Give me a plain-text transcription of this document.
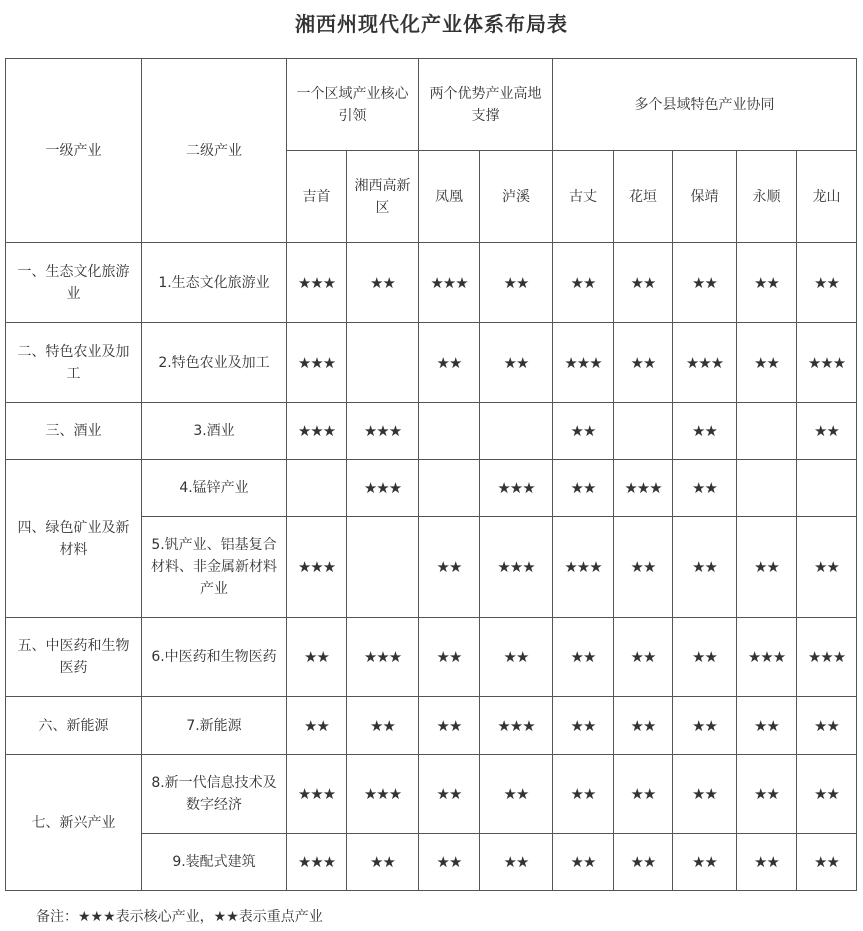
湘西州现代化产业体系布局表
一级产业	二级产业	一个区域产业核心引领		两个优势产业高地支撑		多个县域特色产业协同				
		吉首	湘西高新区	凤凰	泸溪	古丈	花垣	保靖	永顺	龙山
一、生态文化旅游业	1.生态文化旅游业	★★★	★★	★★★	★★	★★	★★	★★	★★	★★
二、特色农业及加工	2.特色农业及加工	★★★		★★	★★	★★★	★★	★★★	★★	★★★
三、酒业	3.酒业	★★★	★★★			★★		★★		★★
四、绿色矿业及新材料	4.锰锌产业		★★★		★★★	★★	★★★	★★		
	5.钒产业、铝基复合材料、非金属新材料产业	★★★		★★	★★★	★★★	★★	★★	★★	★★
五、中医药和生物医药	6.中医药和生物医药	★★	★★★	★★	★★	★★	★★	★★	★★★	★★★
六、新能源	7.新能源	★★	★★	★★	★★★	★★	★★	★★	★★	★★
七、新兴产业	8.新一代信息技术及数字经济	★★★	★★★	★★	★★	★★	★★	★★	★★	★★
	9.装配式建筑	★★★	★★	★★	★★	★★	★★	★★	★★	★★
备注：★★★表示核心产业，★★表示重点产业
